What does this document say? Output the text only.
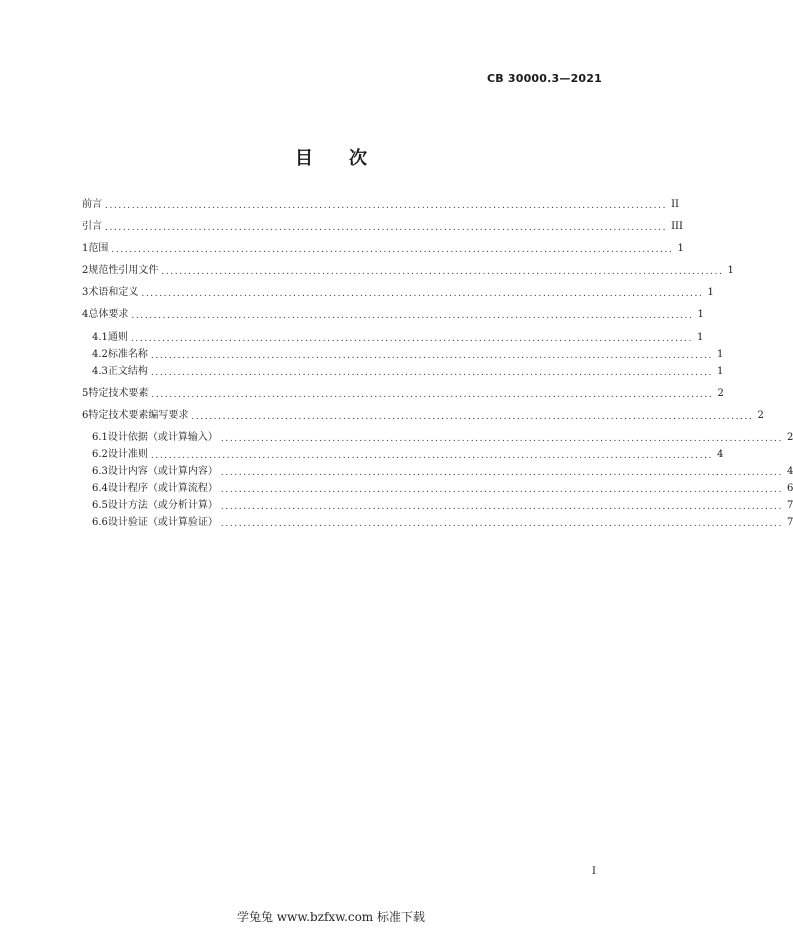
CB 30000.3—2021
目　　次
前言 .............................................................................................................................. II
引言 .............................................................................................................................. III
1 范围 .............................................................................................................................. 1
2 规范性引用文件 .............................................................................................................................. 1
3 术语和定义 .............................................................................................................................. 1
4 总体要求 .............................................................................................................................. 1
4.1 通则 .............................................................................................................................. 1
4.2 标准名称 .............................................................................................................................. 1
4.3 正文结构 .............................................................................................................................. 1
5 特定技术要素 .............................................................................................................................. 2
6 特定技术要素编写要求 .............................................................................................................................. 2
6.1 设计依据（或计算输入） .............................................................................................................................. 2
6.2 设计准则 .............................................................................................................................. 4
6.3 设计内容（或计算内容） .............................................................................................................................. 4
6.4 设计程序（或计算流程） .............................................................................................................................. 6
6.5 设计方法（或分析计算） .............................................................................................................................. 7
6.6 设计验证（或计算验证） .............................................................................................................................. 7
I
学兔兔 www.bzfxw.com 标准下载
